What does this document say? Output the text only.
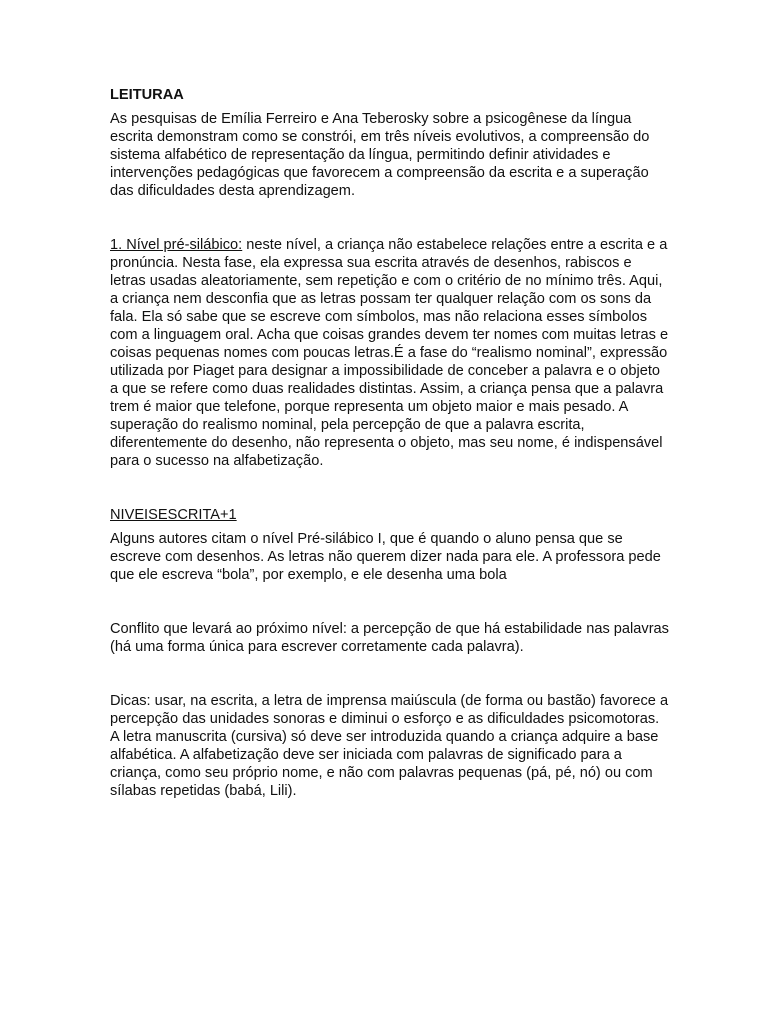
LEITURAA

As pesquisas de Emília Ferreiro e Ana Teberosky sobre a psicogênese da língua escrita demonstram como se constrói, em três níveis evolutivos, a compreensão do sistema alfabético de representação da língua, permitindo definir atividades e intervenções pedagógicas que favorecem a compreensão da escrita e a superação das dificuldades desta aprendizagem.

1. Nível pré-silábico: neste nível, a criança não estabelece relações entre a escrita e a pronúncia. Nesta fase, ela expressa sua escrita através de desenhos, rabiscos e letras usadas aleatoriamente, sem repetição e com o critério de no mínimo três. Aqui, a criança nem desconfia que as letras possam ter qualquer relação com os sons da fala. Ela só sabe que se escreve com símbolos, mas não relaciona esses símbolos com a linguagem oral. Acha que coisas grandes devem ter nomes com muitas letras e coisas pequenas nomes com poucas letras.É a fase do “realismo nominal”, expressão utilizada por Piaget para designar a impossibilidade de conceber a palavra e o objeto a que se refere como duas realidades distintas. Assim, a criança pensa que a palavra trem é maior que telefone, porque representa um objeto maior e mais pesado. A superação do realismo nominal, pela percepção de que a palavra escrita, diferentemente do desenho, não representa o objeto, mas seu nome, é indispensável para o sucesso na alfabetização.

NIVEISESCRITA+1

Alguns autores citam o nível Pré-silábico I, que é quando o aluno pensa que se escreve com desenhos. As letras não querem dizer nada para ele. A professora pede que ele escreva “bola”, por exemplo, e ele desenha uma bola

Conflito que levará ao próximo nível: a percepção de que há estabilidade nas palavras (há uma forma única para escrever corretamente cada palavra).

Dicas: usar, na escrita, a letra de imprensa maiúscula (de forma ou bastão) favorece a percepção das unidades sonoras e diminui o esforço e as dificuldades psicomotoras. A letra manuscrita (cursiva) só deve ser introduzida quando a criança adquire a base alfabética. A alfabetização deve ser iniciada com palavras de significado para a criança, como seu próprio nome, e não com palavras pequenas (pá, pé, nó) ou com sílabas repetidas (babá, Lili).
